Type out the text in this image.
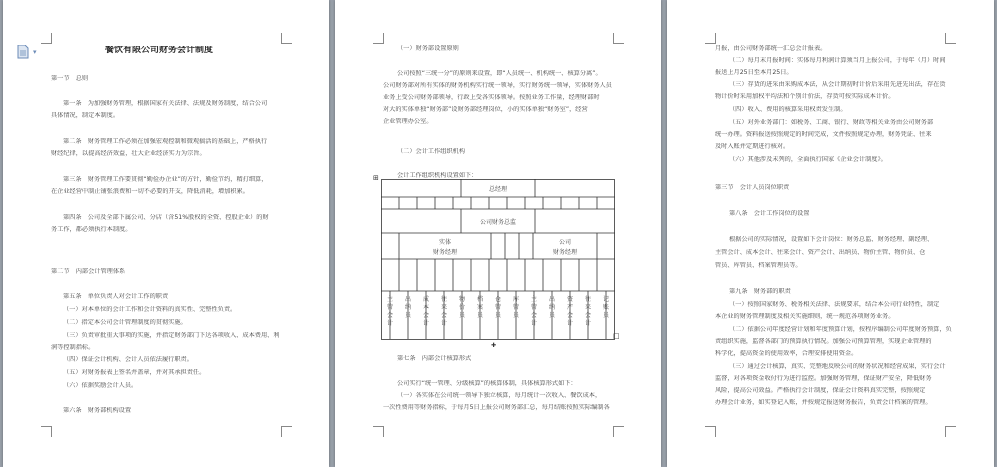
▾	餐饮有限公司财务会计制度
第一节　总则
第一条　为加强财务管理，根据国家有关法律、法规及财务制度，结合公司
具体情况，制定本制度。
第二条　财务管理工作必须在加强宏观控制和微观搞活的基础上，严格执行
财经纪律，以提高经济效益，壮大企业经济实力为宗旨。
第三条　财务管理工作要贯彻“勤俭办企业”的方针，勤俭节约，精打细算，
在企业经营中制止铺张浪费和一切不必要的开支，降低消耗，增加积累。
第四条　公司及全部下属公司、分店（含51%股权的全资、控股企业）的财
务工作，都必须执行本制度。
第二节　内部会计管理体系
第五条　单位负责人对会计工作的职责
（一）对本单位的会计工作和会计资料的真实性、完整性负责。
（二）指定本公司会计管理制度的贯彻实施。
（三）负责审批重大事项的实施，并指定财务部门下达各项收入、成本费用、利
润等控制指标。
（四）保证会计机构、会计人员依法履行职责。
（五）对财务报表上签名并盖章，并对其承担责任。
（六）依据奖励会计人员。
第六条　财务部机构设置
（一）财务部设置原则
公司按照“三统一分”的原则来设置，即“人员统一、机构统一、核算分离”。
公司财务部对所有实体的财务机构实行统一领导，实行财务统一领导，实体财务人员
业务上受公司财务部领导，行政上受各实体领导。按照业务工作量，经理财部时
对大的实体单独“财务部”设财务部经理岗位，小的实体单独“财务室”，经营
企业管理办公室。
（二）会计工作组织机构
会计工作组织机构设置如下：
⊞
总经理
公司财务总监
实体
财务经理
公司
财务经理
主管会计
出纳员
成本会计
往来会计
物价员
档案员
仓管员
库管员
主管会计
出纳员
资产会计
往来会计
记账员
□
✚
第七条　内部会计核算形式
公司实行“统一管理、分级核算”的核算体制，具体核算形式如下：
（一）各实体在公司统一领导下独立核算，每月统计一次收入、餐饮成本，
一次性费用等财务指标，于每月5日上报公司财务部汇总，每月结账按照实际编制各
月报，由公司财务部统一汇总会计报表。
（二）每月末月报时间：实体每月利润计算须当月上报公司，于每年（月）时间
报送上月25日至本月25日。
（三）存货的进采由采购成本法，从会计期初时计价后采用先进先出法，存在货
物计价时采用加权平均法和个别计价法，存货可按实际成本计价。
（四）收入、费用的核算采用权责发生制。
（五）对外业务部门：如税务、工商、银行、财政等相关业务由公司财务部
统一办理。资料报送按照规定的时间完成，文件按照规定办理，财务凭证、往来
及时入账并定期进行核对。
（六）其他涉及未列的，全面执行国家《企业会计制度》。
第三节　会计人员岗位职责
第八条　会计工作岗位的设置
根据公司的实际情况，设置如下会计岗位：财务总监、财务经理、副经理、
主管会计、成本会计、往来会计、资产会计、出纳员、物价主管、物价员、仓
管员、库管员、档案管理员等。
第九条　财务部的职责
（一）按照国家财务、税务相关法律、法规要求，结合本公司行业特性，制定
本企业的财务管理制度及相关实施细则，统一规范各项财务业务。
（二）依据公司年度经营计划和年度预算计划，按程序编制公司年度财务预算，负
责组织实施，监督各部门的预算执行情况。加强公司预算管理，实现企业管理的
科学化，提高资金的使用效率，合理安排使用资金。
（三）通过会计核算，真实、完整地反映公司的财务状况和经营成果，实行会计
监督，对各项资金收付行为进行监控。加强财务管理，保证财产安全，降低财务
风险，提高公司效益。严格执行会计制度，保证会计资料真实完整，按照规定
办理会计业务，如实登记入账，并按规定报送财务报告，负责会计档案的管理。
